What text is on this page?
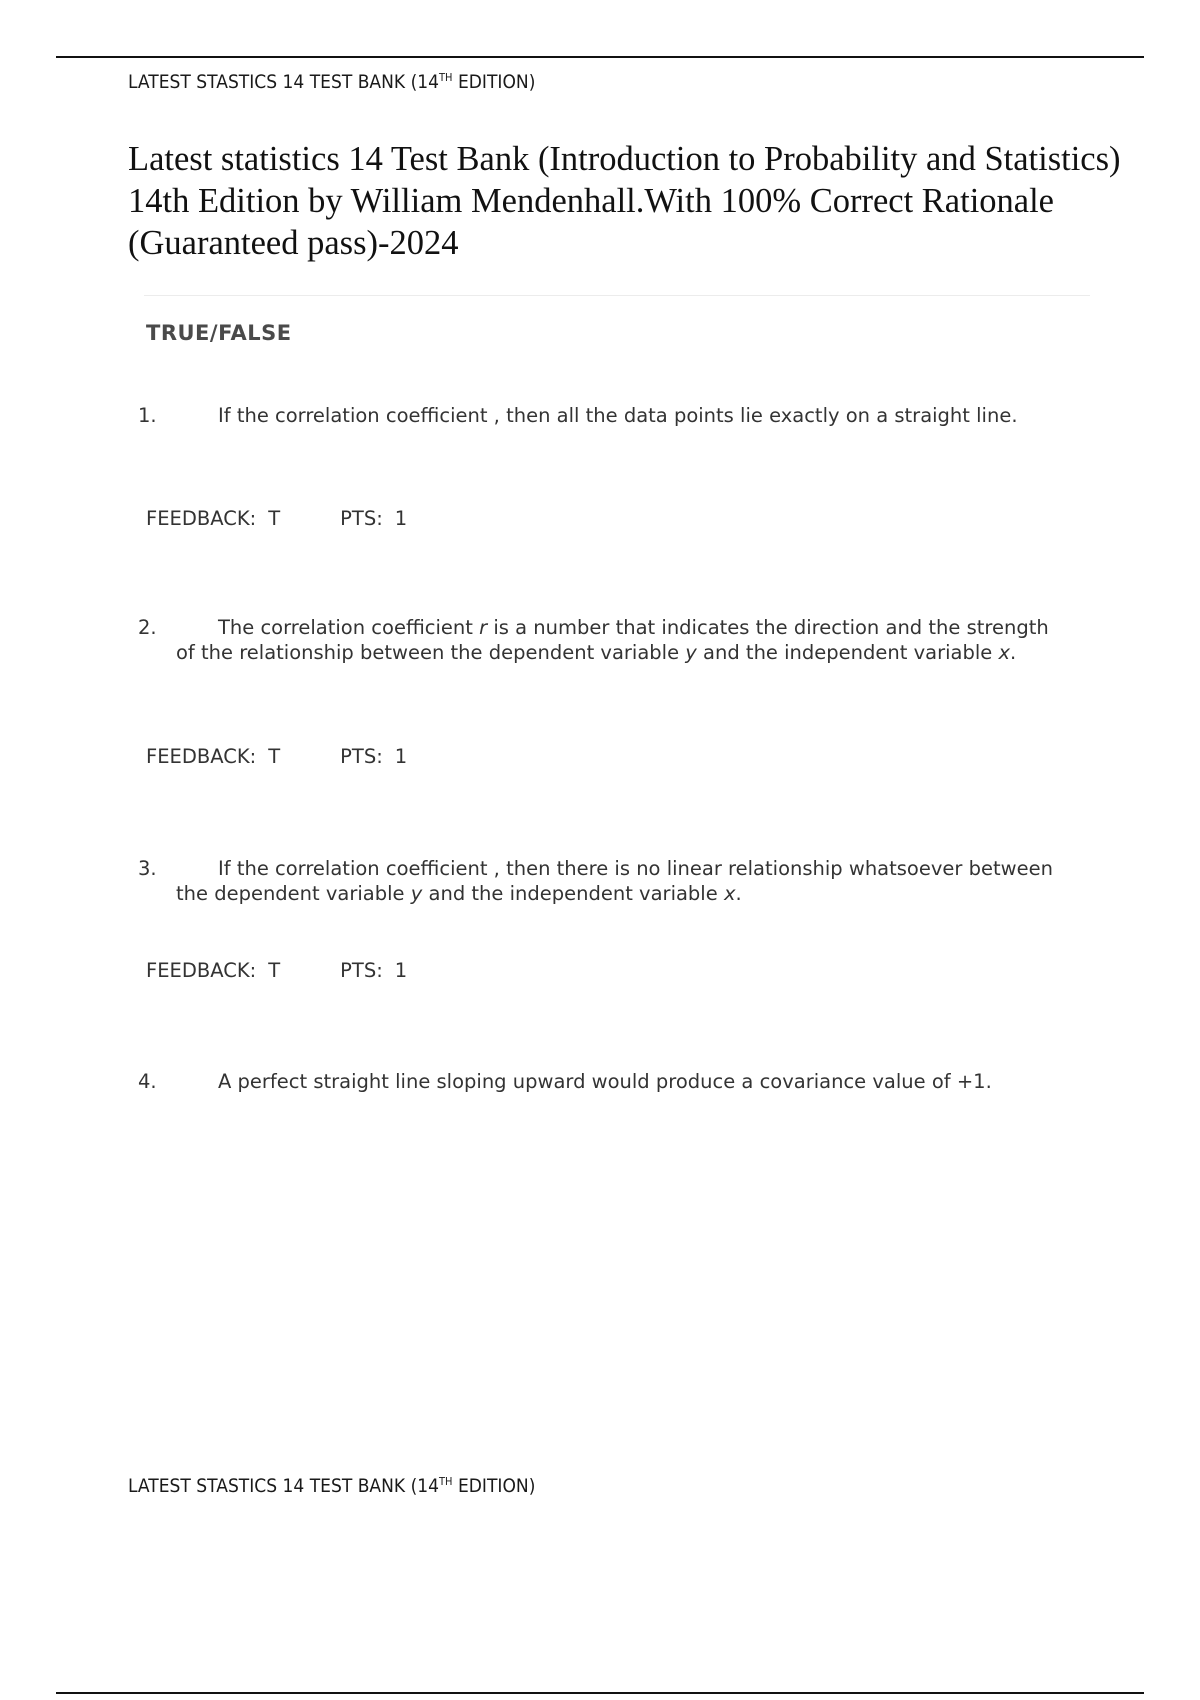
LATEST STASTICS 14 TEST BANK (14TH EDITION)
Latest statistics 14 Test Bank (Introduction to Probability and Statistics) 14th Edition by William Mendenhall.With 100% Correct Rationale (Guaranteed pass)-2024
TRUE/FALSE
1.	If the correlation coefficient , then all the data points lie exactly on a straight line.

FEEDBACK: T	PTS: 1
2.	The correlation coefficient r is a number that indicates the direction and the strength of the relationship between the dependent variable y and the independent variable x.

FEEDBACK: T	PTS: 1
3.	If the correlation coefficient , then there is no linear relationship whatsoever between the dependent variable y and the independent variable x.

FEEDBACK: T	PTS: 1
4.	A perfect straight line sloping upward would produce a covariance value of +1.

LATEST STASTICS 14 TEST BANK (14TH EDITION)
